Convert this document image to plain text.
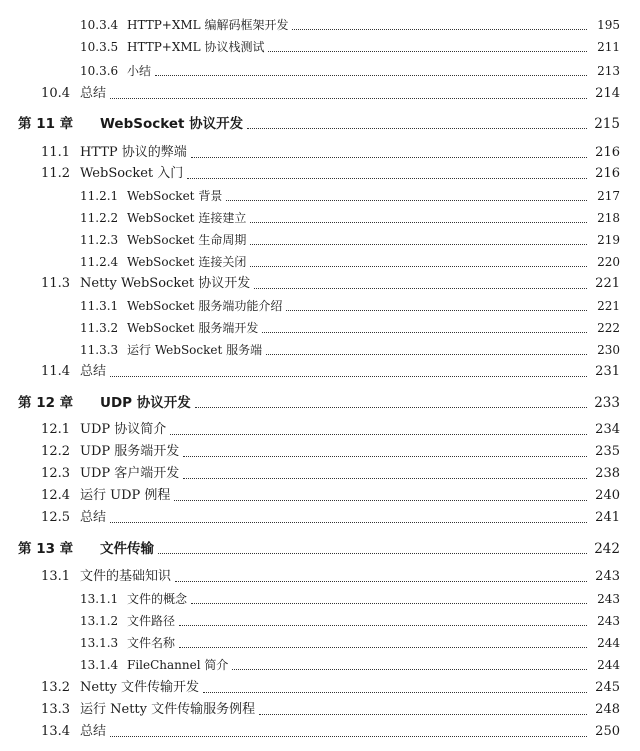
10.3.4 HTTP+XML 编解码框架开发	195
10.3.5 HTTP+XML 协议栈测试	211
10.3.6 小结	213
10.4 总结	214
第 11 章	WebSocket 协议开发	215
11.1 HTTP 协议的弊端	216
11.2 WebSocket 入门	216
11.2.1 WebSocket 背景	217
11.2.2 WebSocket 连接建立	218
11.2.3 WebSocket 生命周期	219
11.2.4 WebSocket 连接关闭	220
11.3 Netty WebSocket 协议开发	221
11.3.1 WebSocket 服务端功能介绍	221
11.3.2 WebSocket 服务端开发	222
11.3.3 运行 WebSocket 服务端	230
11.4 总结	231
第 12 章	UDP 协议开发	233
12.1 UDP 协议简介	234
12.2 UDP 服务端开发	235
12.3 UDP 客户端开发	238
12.4 运行 UDP 例程	240
12.5 总结	241
第 13 章	文件传输	242
13.1 文件的基础知识	243
13.1.1 文件的概念	243
13.1.2 文件路径	243
13.1.3 文件名称	244
13.1.4 FileChannel 简介	244
13.2 Netty 文件传输开发	245
13.3 运行 Netty 文件传输服务例程	248
13.4 总结	250
